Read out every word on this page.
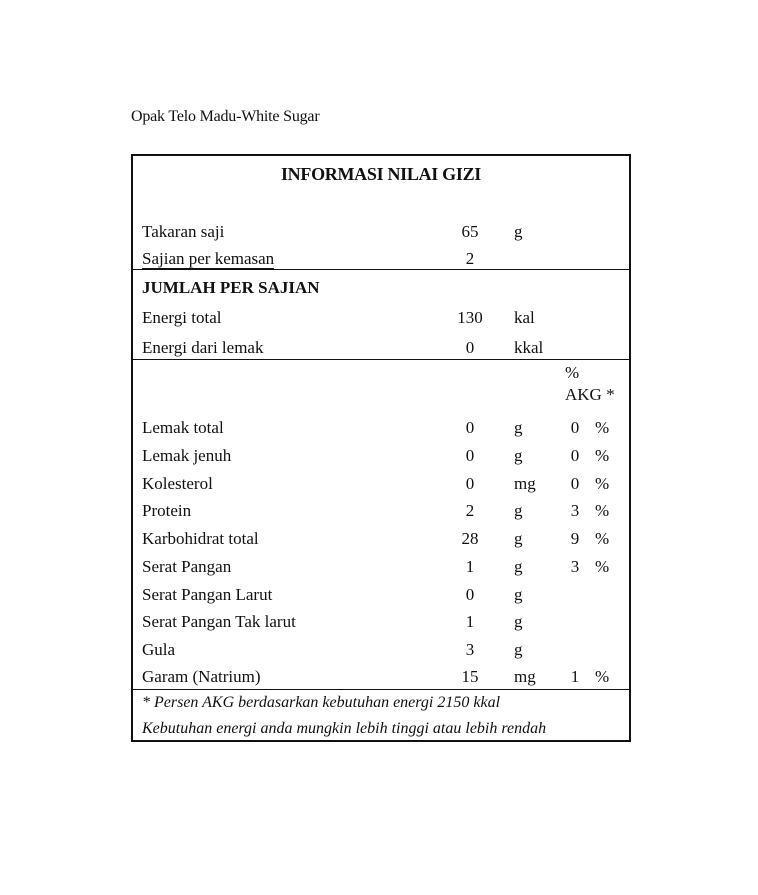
Opak Telo Madu-White Sugar
INFORMASI NILAI GIZI
Takaran saji	65	g
Sajian per kemasan	2
JUMLAH PER SAJIAN
Energi total	130	kal
Energi dari lemak	0	kkal
%
AKG *
Lemak total	0	g	0 %
Lemak jenuh	0	g	0 %
Kolesterol	0	mg 0 %
Protein	2	g	3 %
Karbohidrat total	28	g	9 %
Serat Pangan	1	g	3 %
Serat Pangan Larut	0	g
Serat Pangan Tak larut	1	g
Gula	3	g
Garam (Natrium)	15	mg 1 %
* Persen AKG berdasarkan kebutuhan energi 2150 kkal
Kebutuhan energi anda mungkin lebih tinggi atau lebih rendah
